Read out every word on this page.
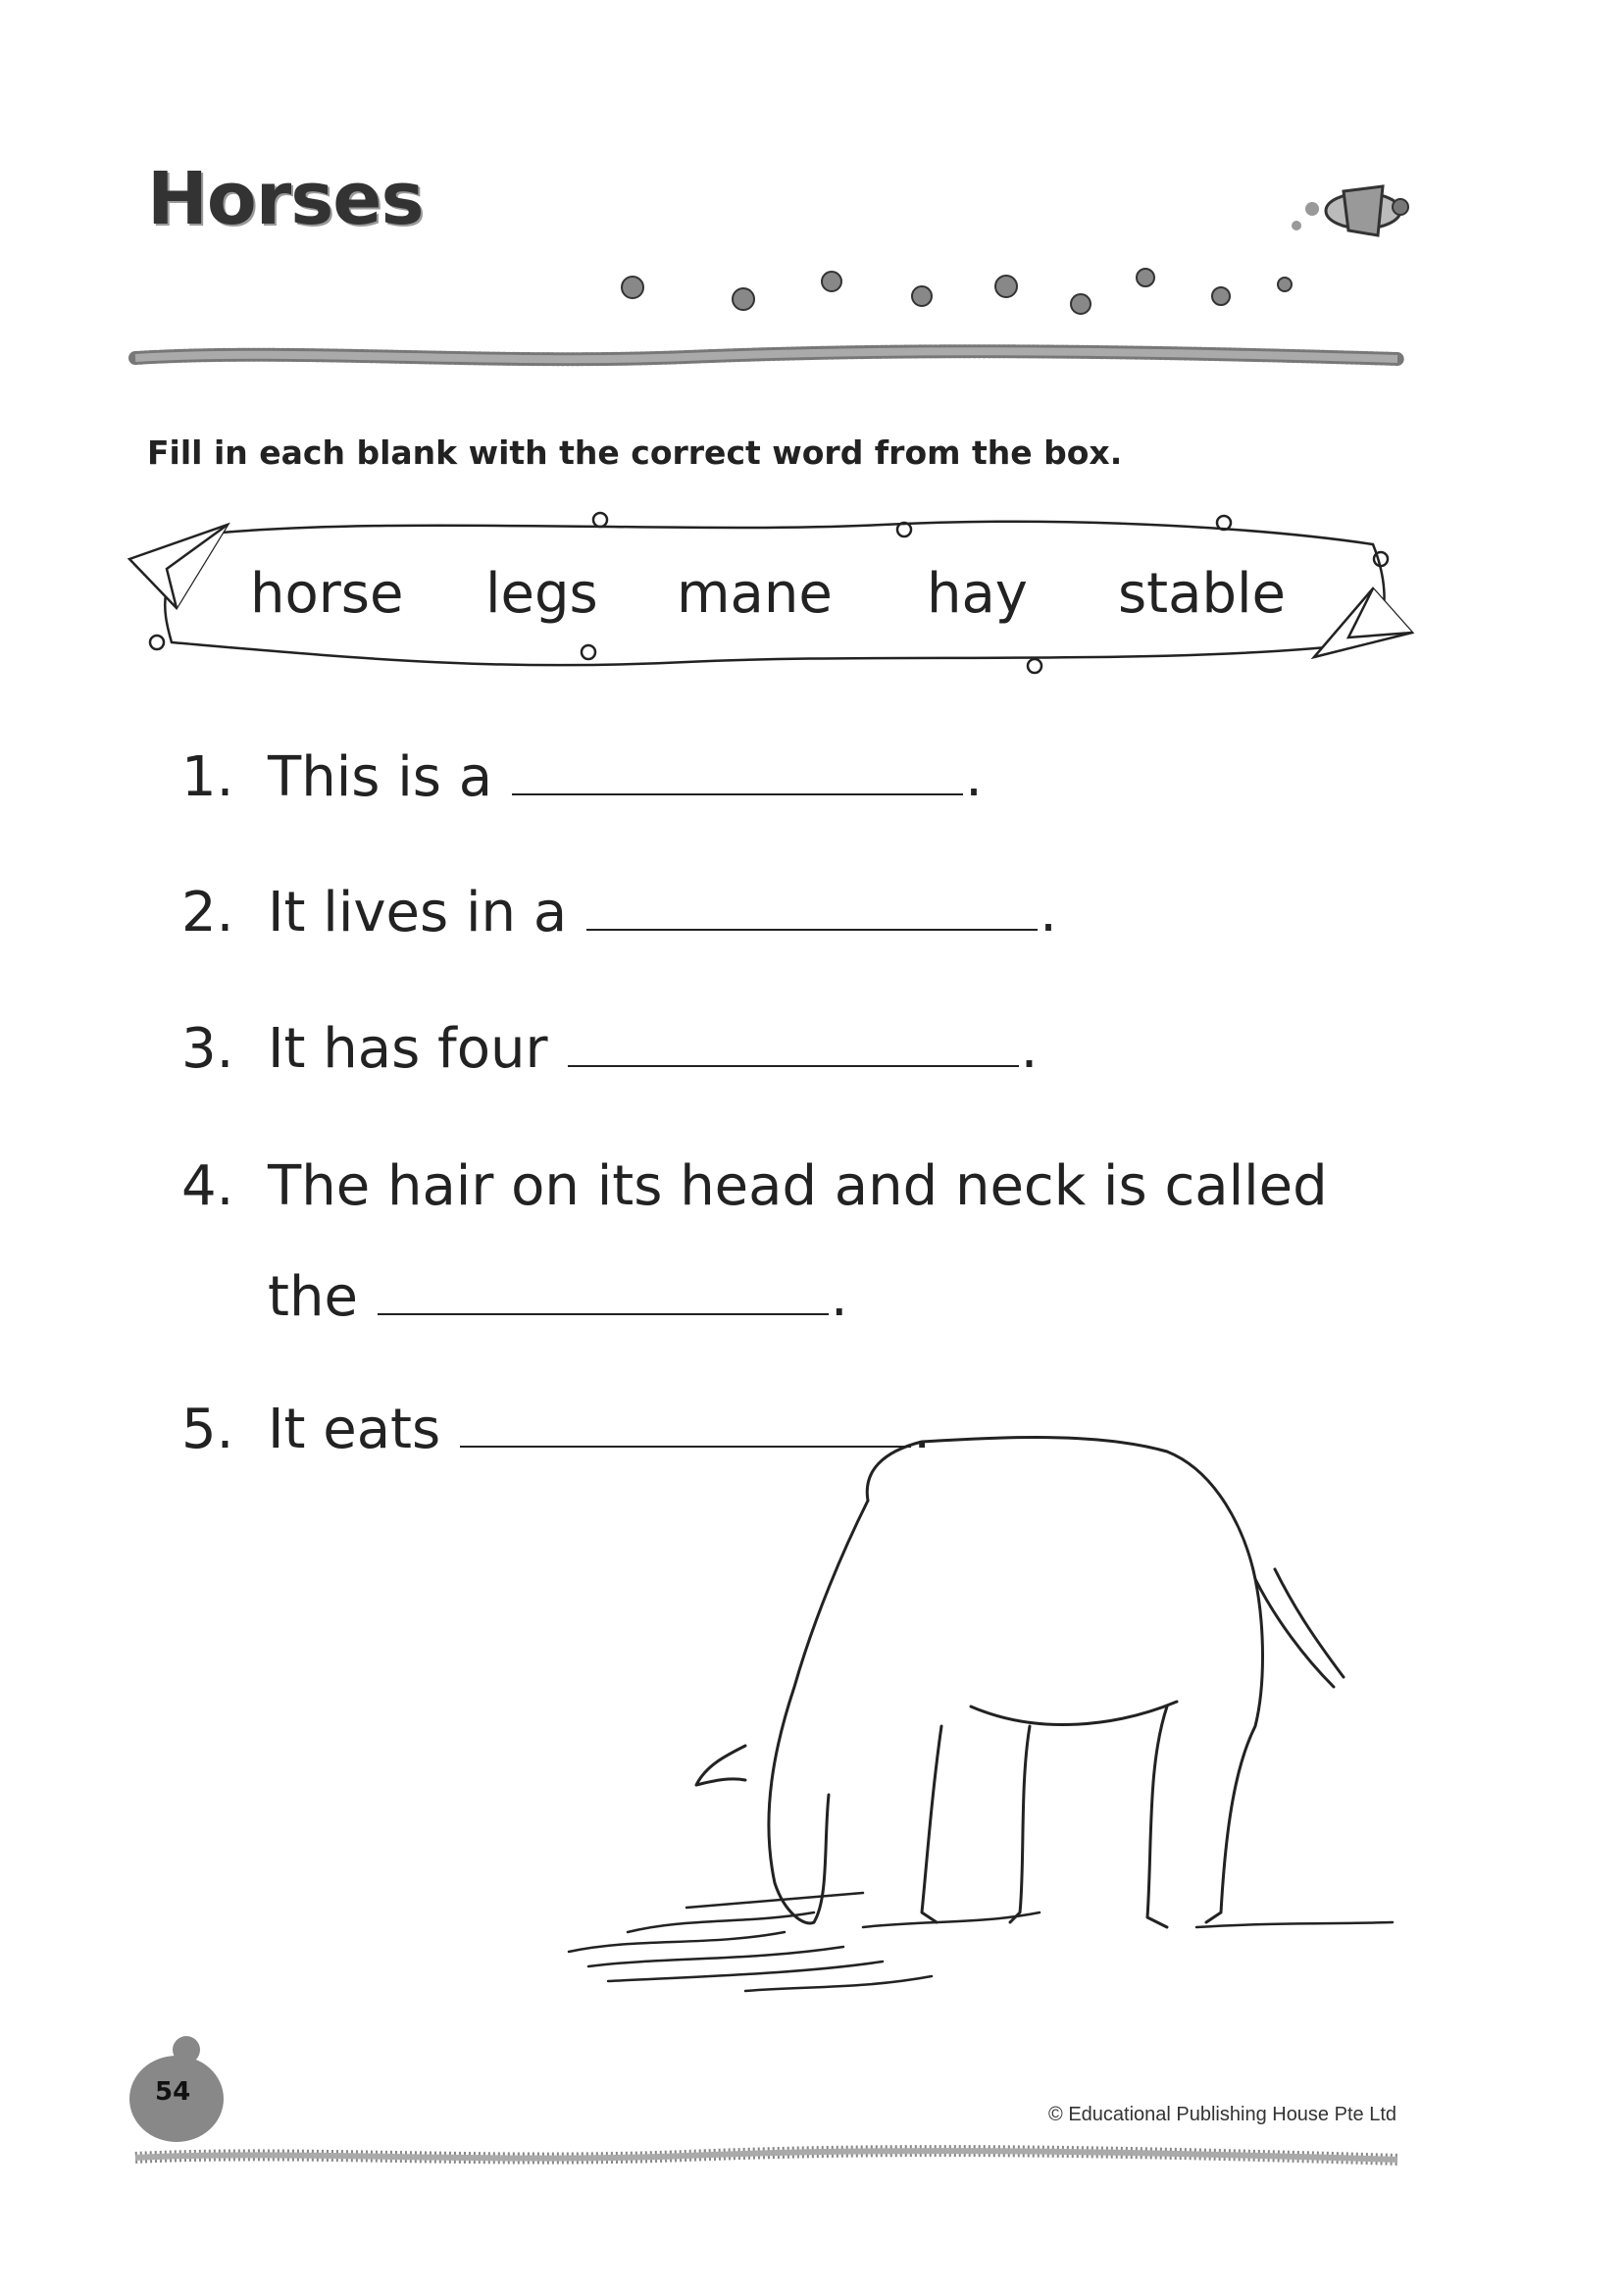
Horses
Fill in each blank with the correct word from the box.
horse legs mane hay stable
1. This is a	.
2. It lives in a	.
3. It has four	.
4. The hair on its head and neck is called
the	.
5. It eats	.
54
© Educational Publishing House Pte Ltd
